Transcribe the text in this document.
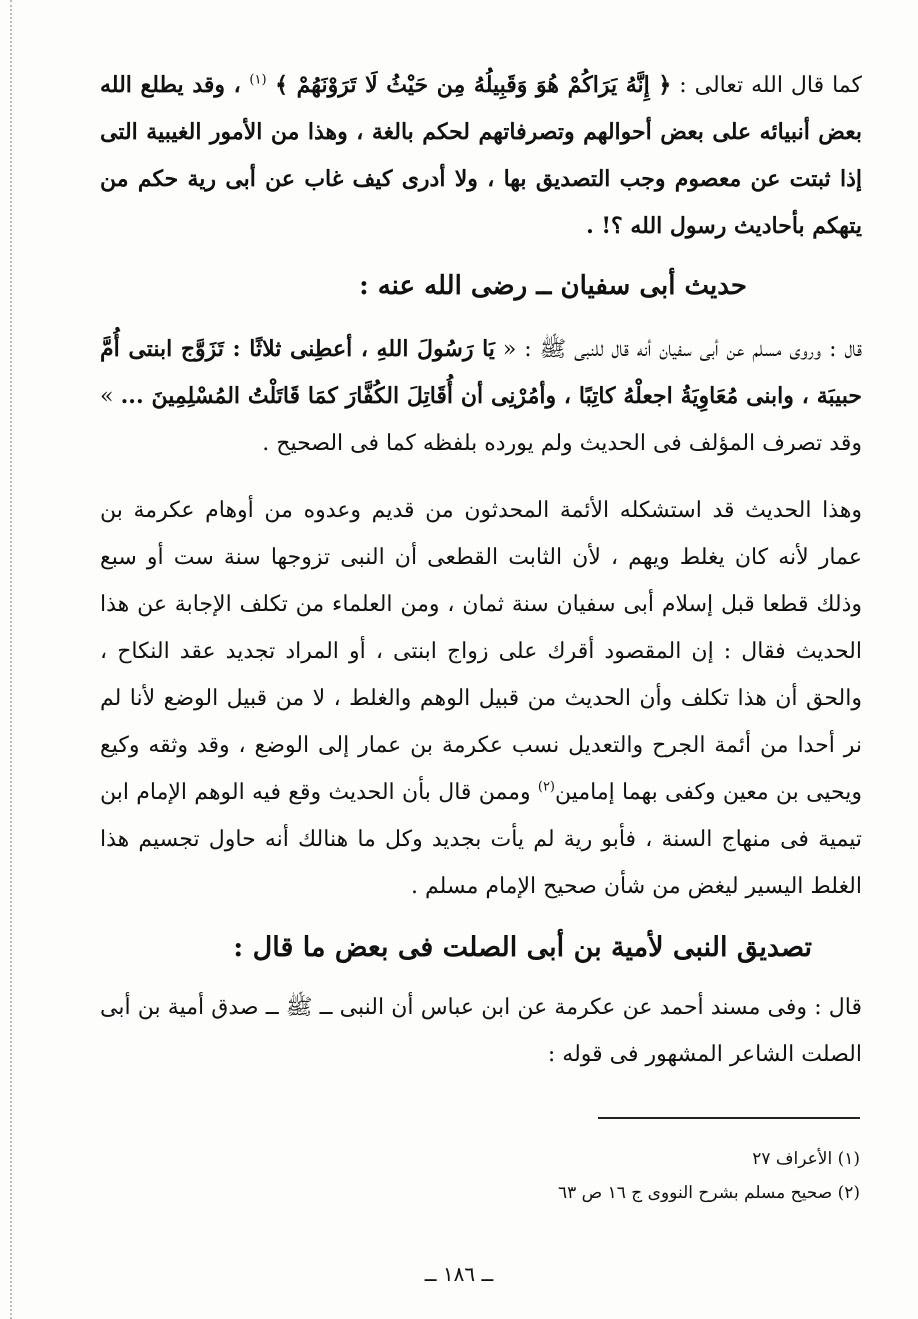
كما قال الله تعالى : ﴿ إِنَّهُ يَرَاكُمْ هُوَ وَقَبِيلُهُ مِن حَيْثُ لَا تَرَوْنَهُمْ ﴾ $^{(١)}$ ، وقد يطلع الله بعض أنبيائه على بعض أحوالهم وتصرفاتهم لحكم بالغة ، وهذا من الأمور الغيبية التى إذا ثبتت عن معصوم وجب التصديق بها ، ولا أدرى كيف غاب عن أبى رية حكم من يتهكم بأحاديث رسول الله ؟! .

حديث أبى سفيان ــ رضى الله عنه :

قال : وروى مسلم عن أبى سفيان أنه قال للنبى ﷺ : « يَا رَسُولَ اللهِ ، أعطِنى ثلاثًا : تَزَوَّج ابنتى أُمَّ حبيبَة ، وابنى مُعَاوِيَةُ اجعلْهُ كاتِبًا ، وأمُرْنِى أن أُقَاتِلَ الكُفَّارَ كمَا قَاتَلْتُ المُسْلِمِينَ ... » وقد تصرف المؤلف فى الحديث ولم يورده بلفظه كما فى الصحيح .

وهذا الحديث قد استشكله الأئمة المحدثون من قديم وعدوه من أوهام عكرمة بن عمار لأنه كان يغلط ويهم ، لأن الثابت القطعى أن النبى تزوجها سنة ست أو سبع وذلك قطعا قبل إسلام أبى سفيان سنة ثمان ، ومن العلماء من تكلف الإجابة عن هذا الحديث فقال : إن المقصود أقرك على زواج ابنتى ، أو المراد تجديد عقد النكاح ، والحق أن هذا تكلف وأن الحديث من قبيل الوهم والغلط ، لا من قبيل الوضع لأنا لم نر أحدا من أئمة الجرح والتعديل نسب عكرمة بن عمار إلى الوضع ، وقد وثقه وكيع ويحيى بن معين وكفى بهما إمامين$^{(٢)}$ وممن قال بأن الحديث وقع فيه الوهم الإمام ابن تيمية فى منهاج السنة ، فأبو رية لم يأت بجديد وكل ما هنالك أنه حاول تجسيم هذا الغلط اليسير ليغض من شأن صحيح الإمام مسلم .

تصديق النبى لأمية بن أبى الصلت فى بعض ما قال :

قال : وفى مسند أحمد عن عكرمة عن ابن عباس أن النبى ــ ﷺ ــ صدق أمية بن أبى الصلت الشاعر المشهور فى قوله :

(١) الأعراف ٢٧
(٢) صحيح مسلم بشرح النووى ج ١٦ ص ٦٣
ــ ١٨٦ ــ
